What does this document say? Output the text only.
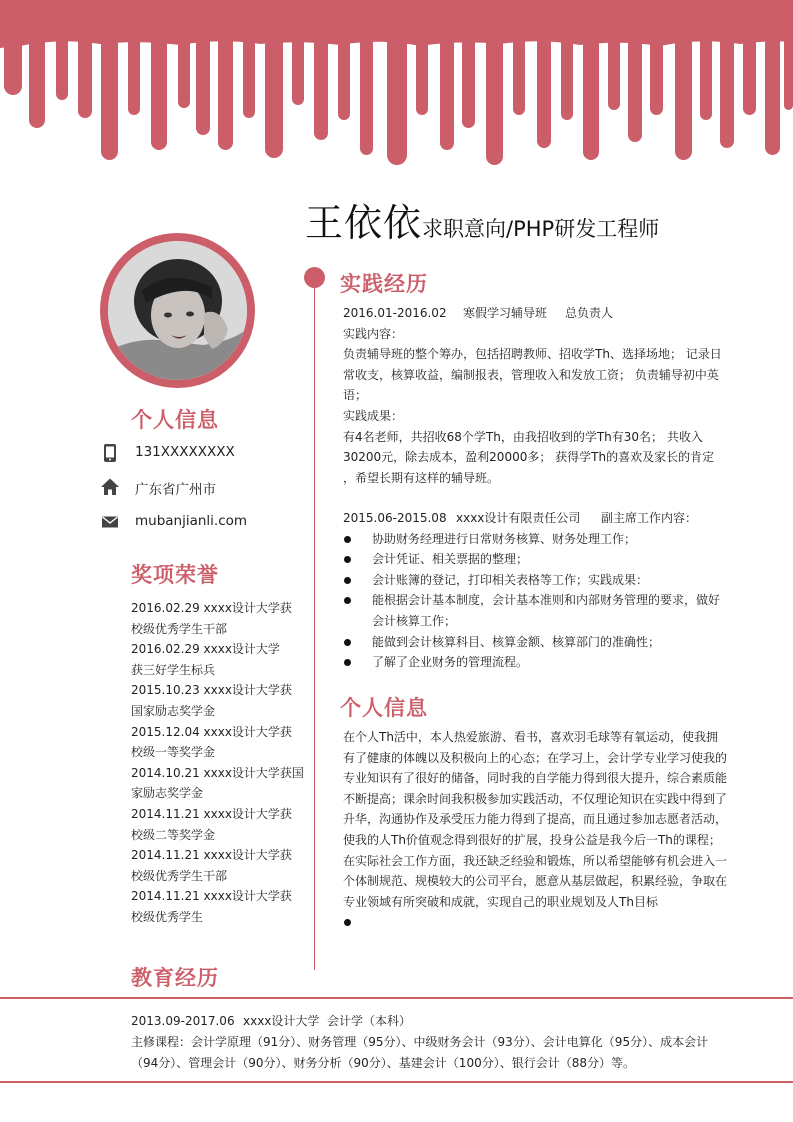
王依依求职意向/PHP研发工程师
个人信息
131XXXXXXXX
广东省广州市
mubanjianli.com
奖项荣誉
2016.02.29 xxxx设计大学获
校级优秀学生干部
2016.02.29 xxxx设计大学
获三好学生标兵
2015.10.23 xxxx设计大学获
国家励志奖学金
2015.12.04 xxxx设计大学获
校级一等奖学金
2014.10.21 xxxx设计大学获国
家励志奖学金
2014.11.21 xxxx设计大学获
校级二等奖学金
2014.11.21 xxxx设计大学获
校级优秀学生干部
2014.11.21 xxxx设计大学获
校级优秀学生
实践经历

2016.01-2016.02 寒假学习辅导班 总负责人

实践内容：

负责辅导班的整个筹办，包括招聘教师、招收学Th、选择场地； 记录日

常收支，核算收益，编制报表，管理收入和发放工资； 负责辅导初中英

语；

实践成果：

有4名老师，共招收68个学Th，由我招收到的学Th有30名； 共收入

30200元，除去成本，盈利20000多； 获得学Th的喜欢及家长的肯定

，希望长期有这样的辅导班。

2015.06-2015.08 xxxx设计有限责任公司 副主席工作内容：

协助财务经理进行日常财务核算、财务处理工作；

会计凭证、相关票据的整理；

会计账簿的登记，打印相关表格等工作；实践成果：

能根据会计基本制度，会计基本准则和内部财务管理的要求，做好

会计核算工作；

能做到会计核算科目、核算金额、核算部门的准确性；

了解了企业财务的管理流程。

个人信息

在个人Th活中，本人热爱旅游、看书，喜欢羽毛球等有氧运动，使我拥

有了健康的体魄以及积极向上的心态；在学习上，会计学专业学习使我的

专业知识有了很好的储备，同时我的自学能力得到很大提升，综合素质能

不断提高；课余时间我积极参加实践活动，不仅理论知识在实践中得到了

升华，沟通协作及承受压力能力得到了提高，而且通过参加志愿者活动，

使我的人Th价值观念得到很好的扩展，投身公益是我今后一Th的课程；

在实际社会工作方面，我还缺乏经验和锻炼，所以希望能够有机会进入一

个体制规范、规模较大的公司平台，愿意从基层做起，积累经验，争取在

专业领域有所突破和成就，实现自己的职业规划及人Th目标

教育经历

2013.09-2017.06 xxxx设计大学 会计学（本科）

主修课程：会计学原理（91分）、财务管理（95分）、中级财务会计（93分）、会计电算化（95分）、成本会计

（94分）、管理会计（90分）、财务分析（90分）、基建会计（100分）、银行会计（88分）等。
